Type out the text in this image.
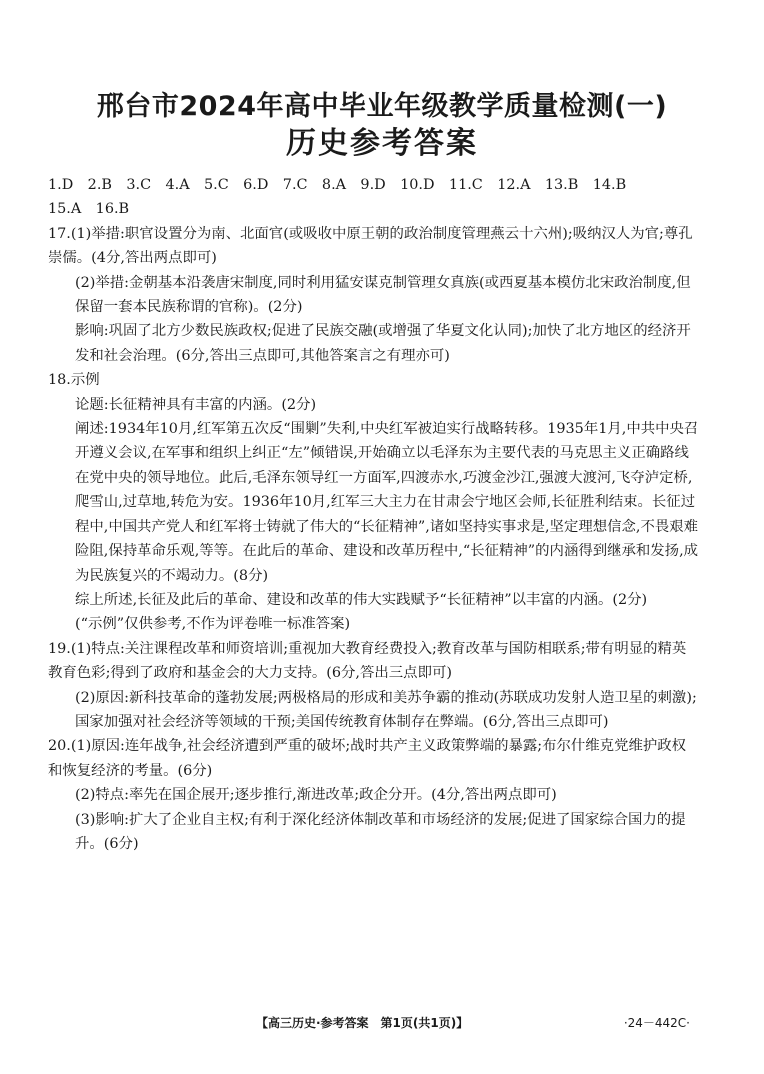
邢台市2024年高中毕业年级教学质量检测(一)
历史参考答案

1.D　2.B　3.C　4.A　5.C　6.D　7.C　8.A　9.D　10.D　11.C　12.A　13.B　14.B

15.A　16.B

17.(1)举措:职官设置分为南、北面官(或吸收中原王朝的政治制度管理燕云十六州);吸纳汉人为官;尊孔崇儒。(4分,答出两点即可)

(2)举措:金朝基本沿袭唐宋制度,同时利用猛安谋克制管理女真族(或西夏基本模仿北宋政治制度,但保留一套本民族称谓的官称)。(2分)

影响:巩固了北方少数民族政权;促进了民族交融(或增强了华夏文化认同);加快了北方地区的经济开发和社会治理。(6分,答出三点即可,其他答案言之有理亦可)

18.示例

论题:长征精神具有丰富的内涵。(2分)

阐述:1934年10月,红军第五次反“围剿”失利,中央红军被迫实行战略转移。1935年1月,中共中央召开遵义会议,在军事和组织上纠正“左”倾错误,开始确立以毛泽东为主要代表的马克思主义正确路线在党中央的领导地位。此后,毛泽东领导红一方面军,四渡赤水,巧渡金沙江,强渡大渡河,飞夺泸定桥,爬雪山,过草地,转危为安。1936年10月,红军三大主力在甘肃会宁地区会师,长征胜利结束。长征过程中,中国共产党人和红军将士铸就了伟大的“长征精神”,诸如坚持实事求是,坚定理想信念,不畏艰难险阻,保持革命乐观,等等。在此后的革命、建设和改革历程中,“长征精神”的内涵得到继承和发扬,成为民族复兴的不竭动力。(8分)

综上所述,长征及此后的革命、建设和改革的伟大实践赋予“长征精神”以丰富的内涵。(2分)

(“示例”仅供参考,不作为评卷唯一标准答案)

19.(1)特点:关注课程改革和师资培训;重视加大教育经费投入;教育改革与国防相联系;带有明显的精英教育色彩;得到了政府和基金会的大力支持。(6分,答出三点即可)

(2)原因:新科技革命的蓬勃发展;两极格局的形成和美苏争霸的推动(苏联成功发射人造卫星的刺激);国家加强对社会经济等领域的干预;美国传统教育体制存在弊端。(6分,答出三点即可)

20.(1)原因:连年战争,社会经济遭到严重的破坏;战时共产主义政策弊端的暴露;布尔什维克党维护政权和恢复经济的考量。(6分)

(2)特点:率先在国企展开;逐步推行,渐进改革;政企分开。(4分,答出两点即可)

(3)影响:扩大了企业自主权;有利于深化经济体制改革和市场经济的发展;促进了国家综合国力的提升。(6分)

【高三历史·参考答案　第1页(共1页)】	·24－442C·
